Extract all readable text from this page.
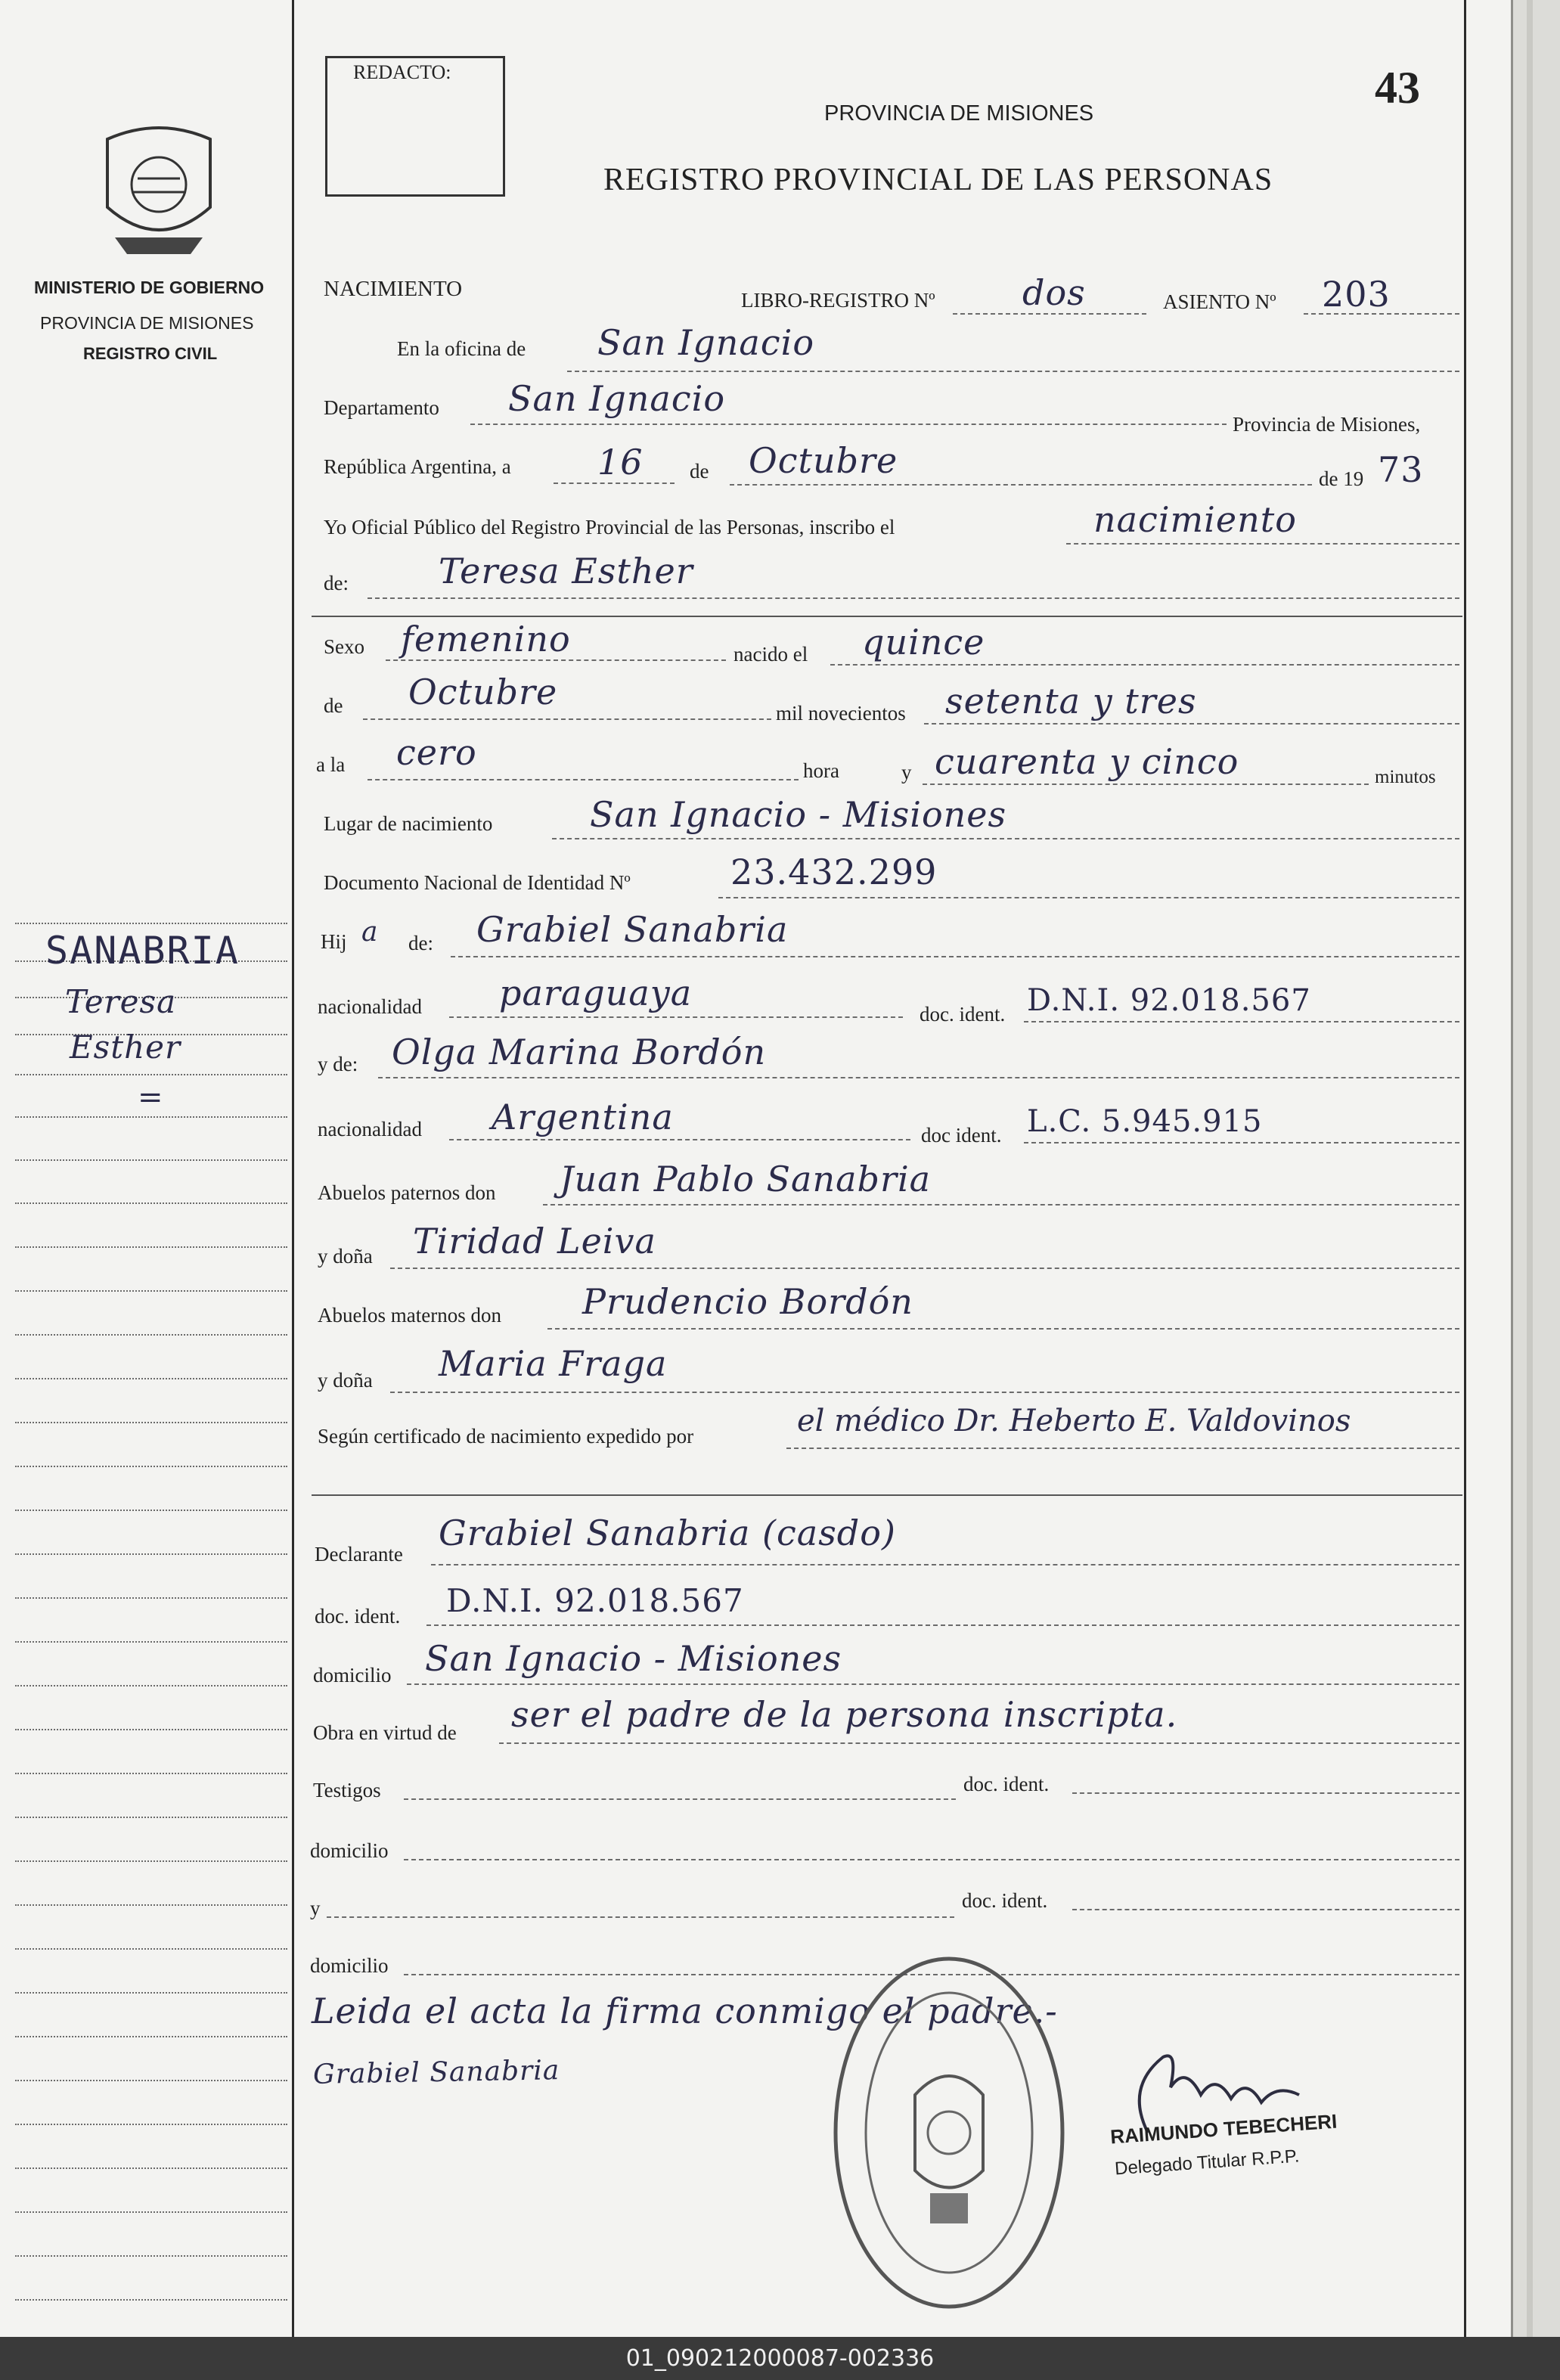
MINISTERIO DE GOBIERNO
PROVINCIA DE MISIONES
REGISTRO CIVIL
SANABRIA
Teresa
Esther
=
REDACTO:	43
PROVINCIA DE MISIONES
REGISTRO PROVINCIAL DE LAS PERSONAS
NACIMIENTO	LIBRO-REGISTRO Nº	dos	ASIENTO Nº 203
En la oficina de San Ignacio
Departamento San Ignacio
Provincia de Misiones,
República Argentina, a 16 de Octubre	de 19 73
Yo Oficial Público del Registro Provincial de las Personas, inscribo el	nacimiento
de:	Teresa Esther
Sexo femenino	nacido el quince
de Octubre
mil novecientos setenta y tres
a la cero	hora	y cuarenta y cinco	minutos
Lugar de nacimiento	San Ignacio - Misiones
Documento Nacional de Identidad Nº	23.432.299
Hij a de: Grabiel Sanabria
nacionalidad paraguaya
doc. ident. D.N.I. 92.018.567
y de: Olga Marina Bordón
nacionalidad Argentina	doc ident. L.C. 5.945.915
Abuelos paternos don Juan Pablo Sanabria
y doña Tiridad Leiva
Abuelos maternos don Prudencio Bordón
y doña Maria Fraga
Según certificado de nacimiento expedido por	el médico Dr. Heberto E. Valdovinos
Declarante
Grabiel Sanabria (casdo)
doc. ident. D.N.I. 92.018.567
domicilio San Ignacio - Misiones
Obra en virtud de ser el padre de la persona inscripta.
Testigos	doc. ident.
domicilio
y	doc. ident.
domicilio
Leida el acta la firma conmigo el padre.-
Grabiel Sanabria
RAIMUNDO TEBECHERI
Delegado Titular R.P.P.
01_090212000087-002336
